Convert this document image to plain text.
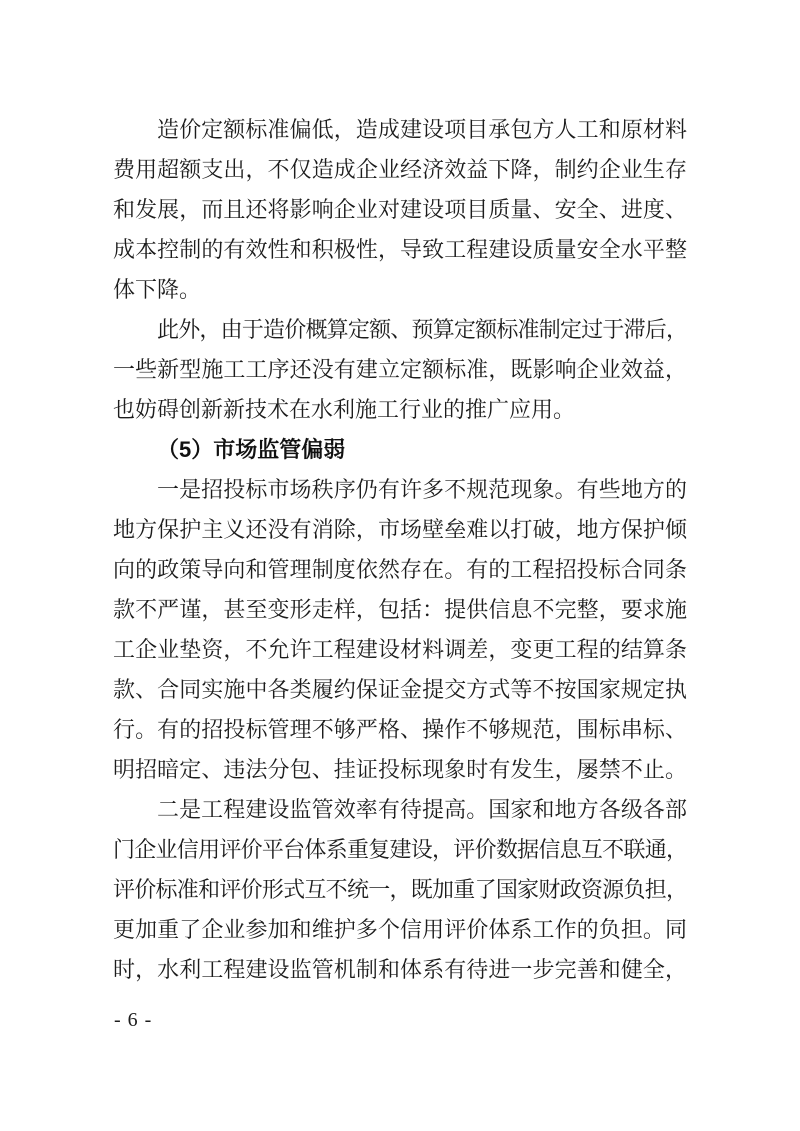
造价定额标准偏低，造成建设项目承包方人工和原材料
费用超额支出，不仅造成企业经济效益下降，制约企业生存
和发展，而且还将影响企业对建设项目质量、安全、进度、
成本控制的有效性和积极性，导致工程建设质量安全水平整
体下降。
此外，由于造价概算定额、预算定额标准制定过于滞后，
一些新型施工工序还没有建立定额标准，既影响企业效益，
也妨碍创新新技术在水利施工行业的推广应用。
（5）市场监管偏弱
一是招投标市场秩序仍有许多不规范现象。有些地方的
地方保护主义还没有消除，市场壁垒难以打破，地方保护倾
向的政策导向和管理制度依然存在。有的工程招投标合同条
款不严谨，甚至变形走样，包括：提供信息不完整，要求施
工企业垫资，不允许工程建设材料调差，变更工程的结算条
款、合同实施中各类履约保证金提交方式等不按国家规定执
行。有的招投标管理不够严格、操作不够规范，围标串标、
明招暗定、违法分包、挂证投标现象时有发生，屡禁不止。
二是工程建设监管效率有待提高。国家和地方各级各部
门企业信用评价平台体系重复建设，评价数据信息互不联通，
评价标准和评价形式互不统一，既加重了国家财政资源负担，
更加重了企业参加和维护多个信用评价体系工作的负担。同
时，水利工程建设监管机制和体系有待进一步完善和健全，
- 6 -
